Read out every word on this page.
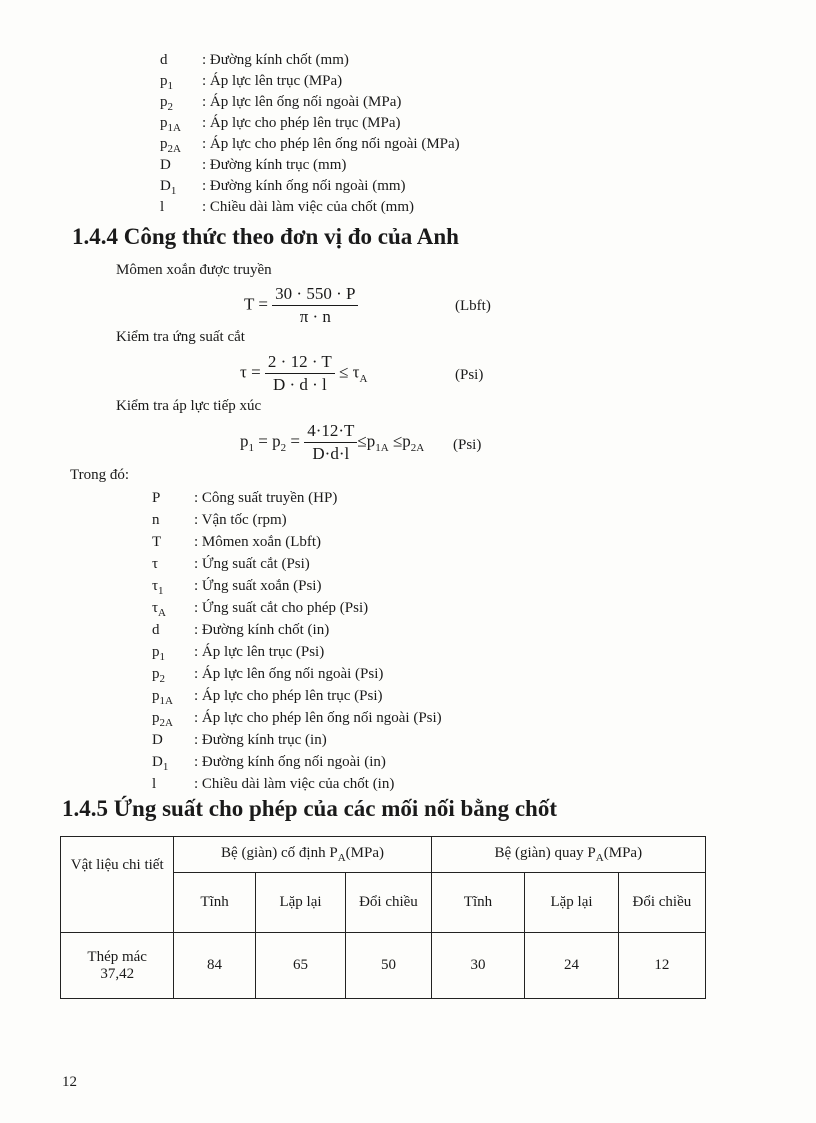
d	: Đường kính chốt (mm)
$p_1$	: Áp lực lên trục (MPa)
$p_2$	: Áp lực lên ống nối ngoài (MPa)
$p_{1A}$	: Áp lực cho phép lên trục (MPa)
$p_{2A}$	: Áp lực cho phép lên ống nối ngoài (MPa)
D	: Đường kính trục (mm)
$D_1$	: Đường kính ống nối ngoài (mm)
l	: Chiều dài làm việc của chốt (mm)
1.4.4 Công thức theo đơn vị đo của Anh
Mômen xoắn được truyền
$T = \frac{30 \cdot 550 \cdot P}{\pi \cdot n}$	(Lbft)
Kiểm tra ứng suất cắt
$\tau = \frac{2 \cdot 12 \cdot T}{D \cdot d \cdot l} \le \tau_A$	(Psi)
Kiểm tra áp lực tiếp xúc
$p_1 = p_2 = \frac{4\cdot 12\cdot T}{D\cdot d\cdot l} \le p_{1A} \le p_{2A}$ (Psi)
Trong đó:
P	: Công suất truyền (HP)
n	: Vận tốc (rpm)
T	: Mômen xoắn (Lbft)
τ	: Ứng suất cắt (Psi)
$\tau_1$	: Ứng suất xoắn (Psi)
$\tau_A$	: Ứng suất cắt cho phép (Psi)
d	: Đường kính chốt (in)
$p_1$	: Áp lực lên trục (Psi)
$p_2$	: Áp lực lên ống nối ngoài (Psi)
$p_{1A}$	: Áp lực cho phép lên trục (Psi)
$p_{2A}$	: Áp lực cho phép lên ống nối ngoài (Psi)
D	: Đường kính trục (in)
$D_1$	: Đường kính ống nối ngoài (in)
l	: Chiều dài làm việc của chốt (in)
1.4.5 Ứng suất cho phép của các mối nối bằng chốt
Vật liệu chi tiết	Bệ (giàn) cố định $P_A(MPa)$			Bệ (giàn) quay $P_A(MPa)$		
	Tĩnh	Lặp lại	Đổi chiều	Tĩnh	Lặp lại	Đổi chiều
Thép mác 37,42	84	65	50	30	24	12
12
